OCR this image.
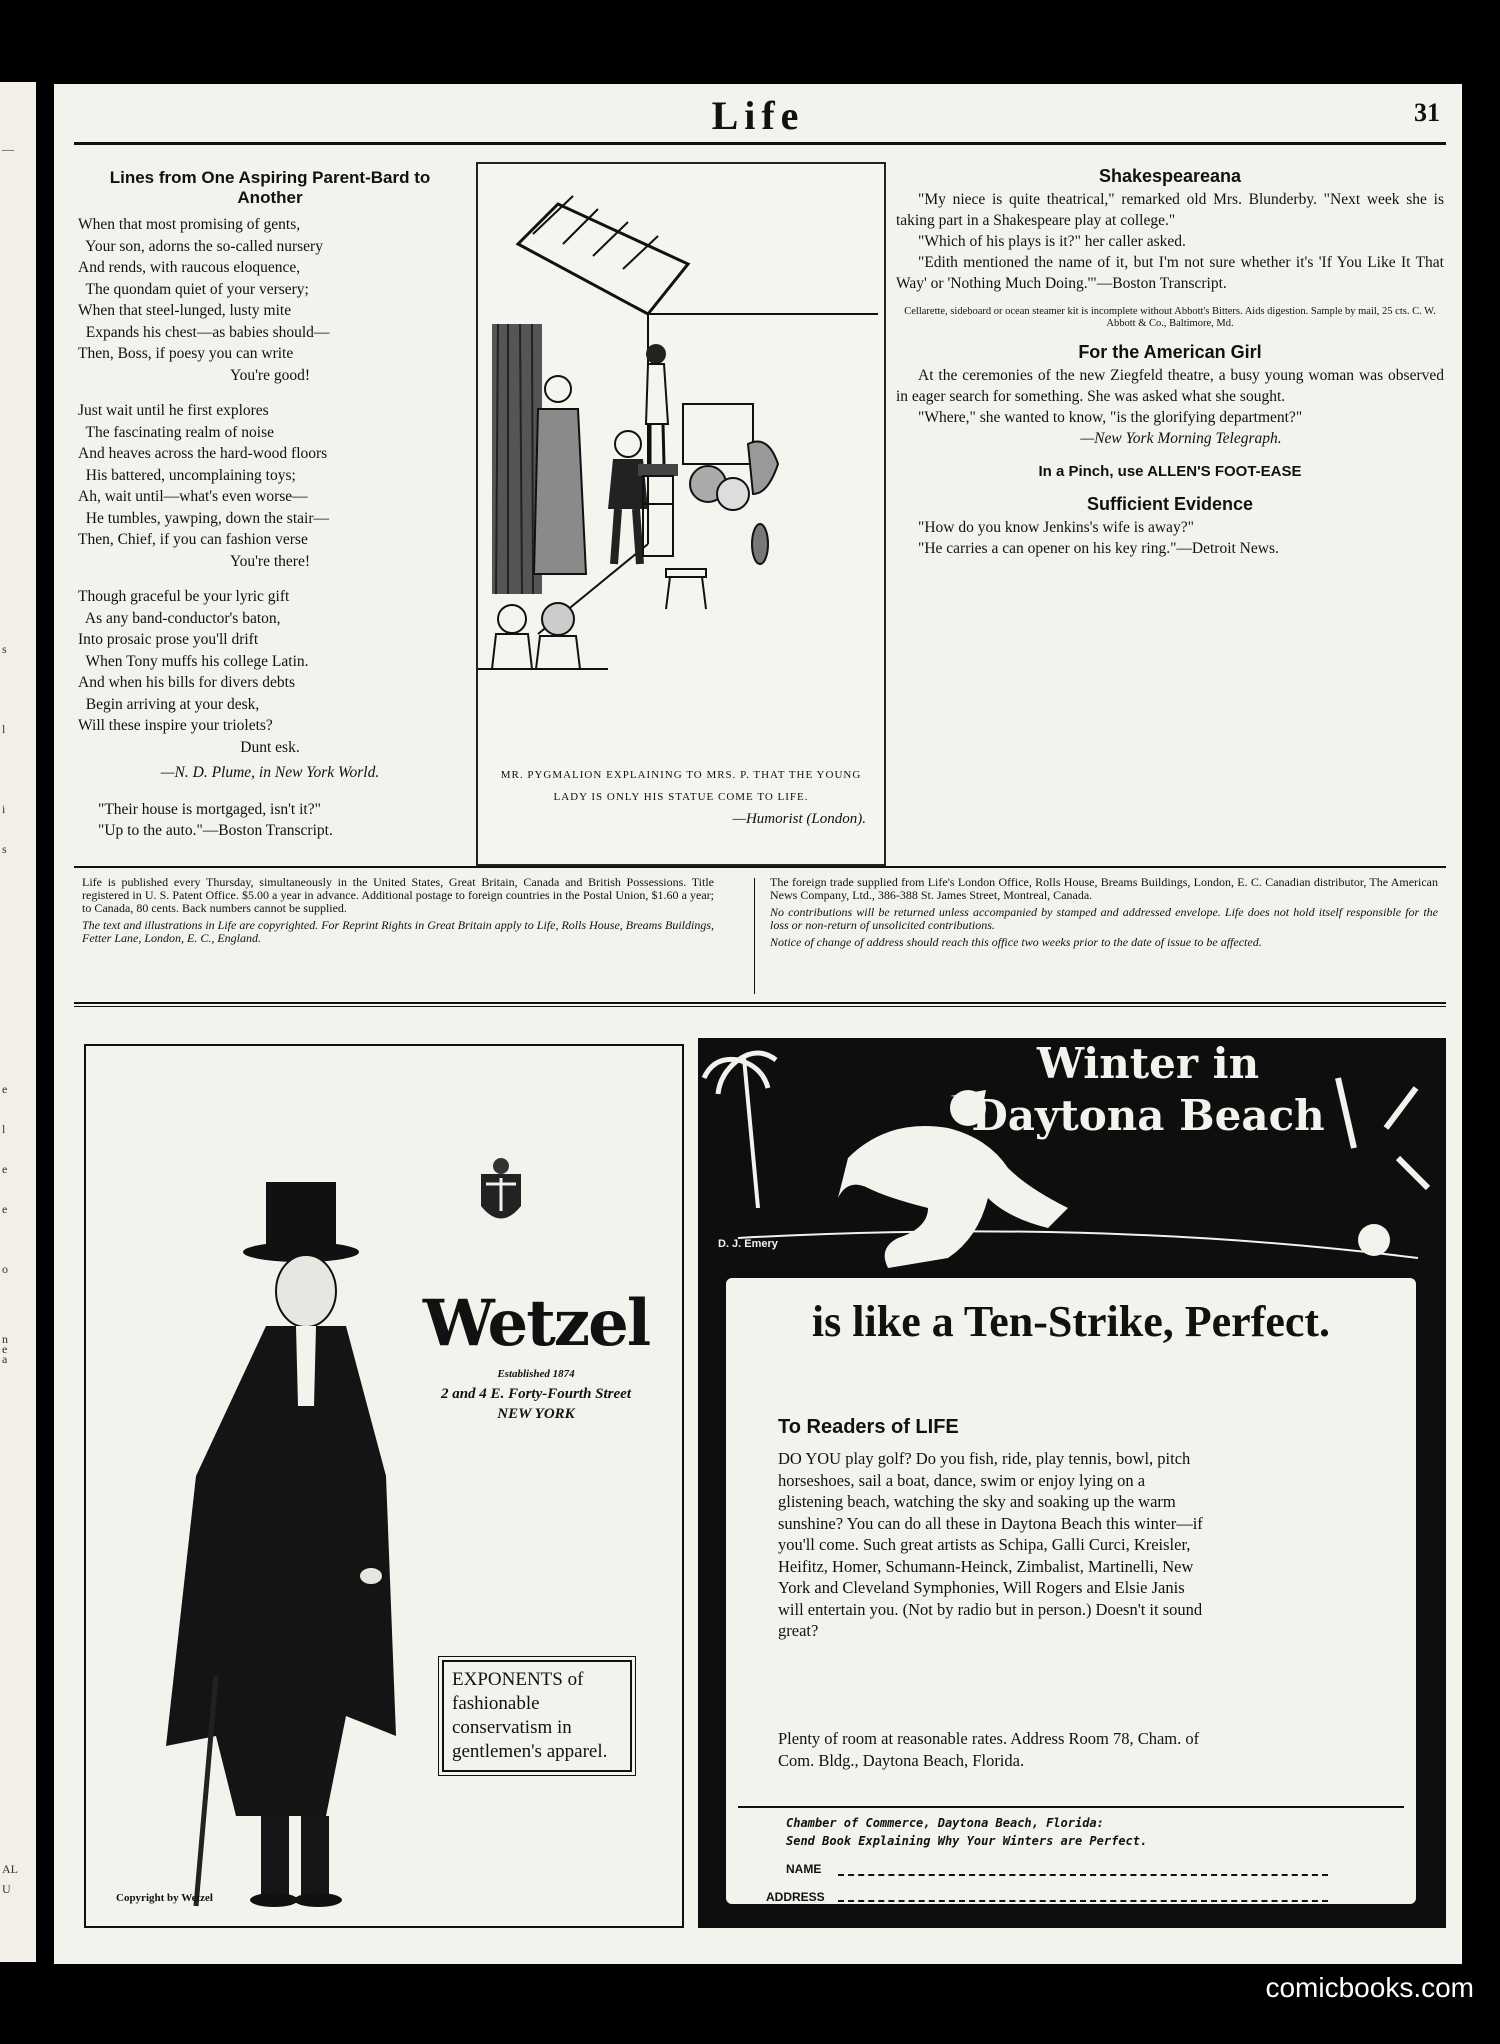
—
s
l
i
s
e
l
e
e
o
e
n
a
AL
U
Life	31
Lines from One Aspiring Parent-Bard to Another

When that most promising of gents,

Your son, adorns the so-called nursery

And rends, with raucous eloquence,

The quondam quiet of your versery;

When that steel-lunged, lusty mite

Expands his chest—as babies should—

Then, Boss, if poesy you can write

You're good!

Just wait until he first explores

The fascinating realm of noise

And heaves across the hard-wood floors

His battered, uncomplaining toys;

Ah, wait until—what's even worse—

He tumbles, yawping, down the stair—

Then, Chief, if you can fashion verse

You're there!

Though graceful be your lyric gift

As any band-conductor's baton,

Into prosaic prose you'll drift

When Tony muffs his college Latin.

And when his bills for divers debts

Begin arriving at your desk,

Will these inspire your triolets?

Dunt esk.

—N. D. Plume, in New York World.
"Their house is mortgaged, isn't it?"
"Up to the auto."—Boston Transcript.
MR. PYGMALION EXPLAINING TO MRS. P. THAT THE YOUNG LADY IS ONLY HIS STATUE COME TO LIFE.
—Humorist (London).
Shakespeareana

"My niece is quite theatrical," remarked old Mrs. Blunderby. "Next week she is taking part in a Shakespeare play at college."

"Which of his plays is it?" her caller asked.

"Edith mentioned the name of it, but I'm not sure whether it's 'If You Like It That Way' or 'Nothing Much Doing.'"—Boston Transcript.

Cellarette, sideboard or ocean steamer kit is incomplete without Abbott's Bitters. Aids digestion. Sample by mail, 25 cts. C. W. Abbott & Co., Baltimore, Md.
For the American Girl

At the ceremonies of the new Ziegfeld theatre, a busy young woman was observed in eager search for something. She was asked what she sought.

"Where," she wanted to know, "is the glorifying department?"

—New York Morning Telegraph.

In a Pinch, use ALLEN'S FOOT-EASE
Sufficient Evidence

"How do you know Jenkins's wife is away?"

"He carries a can opener on his key ring."—Detroit News.

Life is published every Thursday, simultaneously in the United States, Great Britain, Canada and British Possessions. Title registered in U. S. Patent Office. $5.00 a year in advance. Additional postage to foreign countries in the Postal Union, $1.60 a year; to Canada, 80 cents. Back numbers cannot be supplied.

The text and illustrations in Life are copyrighted. For Reprint Rights in Great Britain apply to Life, Rolls House, Breams Buildings, Fetter Lane, London, E. C., England.

The foreign trade supplied from Life's London Office, Rolls House, Breams Buildings, London, E. C. Canadian distributor, The American News Company, Ltd., 386-388 St. James Street, Montreal, Canada.

No contributions will be returned unless accompanied by stamped and addressed envelope. Life does not hold itself responsible for the loss or non-return of unsolicited contributions.

Notice of change of address should reach this office two weeks prior to the date of issue to be affected.

Wetzel
Established 1874
2 and 4 E. Forty-Fourth Street
NEW YORK
EXPONENTS of fashionable conservatism in gentlemen's apparel.
Copyright by Wetzel
Winter in Daytona Beach
D. J. Emery
is like a Ten-Strike, Perfect.
To Readers of LIFE
DO YOU play golf? Do you fish, ride, play tennis, bowl, pitch horseshoes, sail a boat, dance, swim or enjoy lying on a glistening beach, watching the sky and soaking up the warm sunshine? You can do all these in Daytona Beach this winter—if you'll come. Such great artists as Schipa, Galli Curci, Kreisler, Heifitz, Homer, Schumann-Heinck, Zimbalist, Martinelli, New York and Cleveland Symphonies, Will Rogers and Elsie Janis will entertain you. (Not by radio but in person.) Doesn't it sound great?
Plenty of room at reasonable rates. Address Room 78, Cham. of Com. Bldg., Daytona Beach, Florida.
Chamber of Commerce, Daytona Beach, Florida:
Send Book Explaining Why Your Winters are Perfect.
NAME
ADDRESS
comicbooks.com
